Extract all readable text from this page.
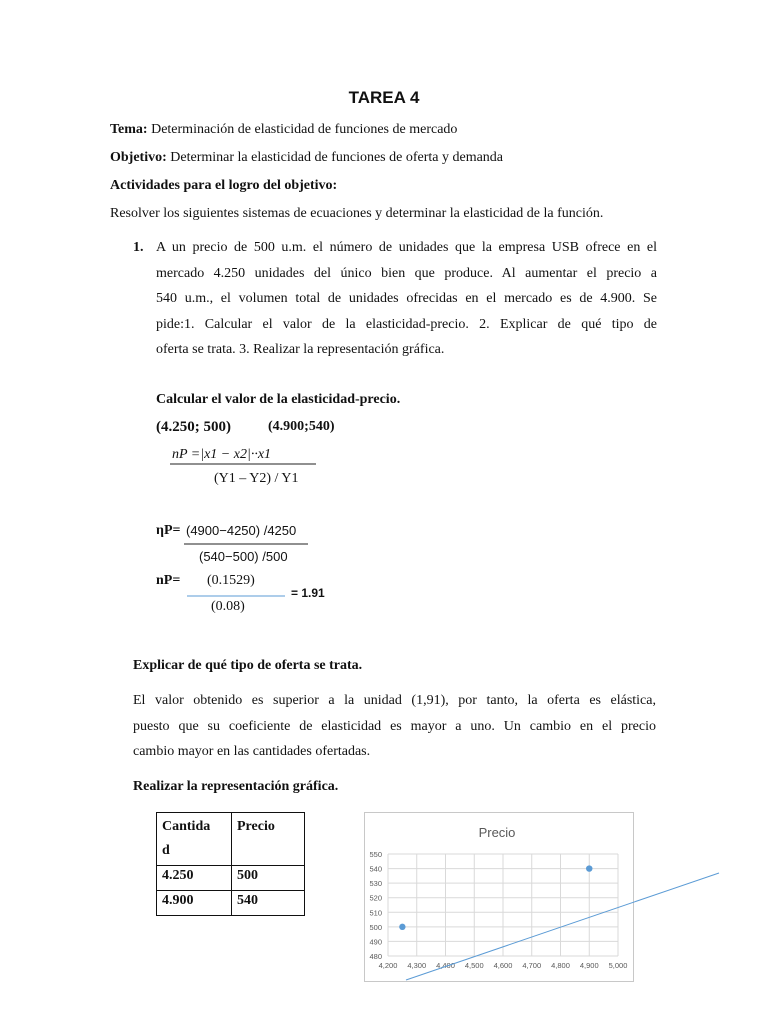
TAREA 4
Tema: Determinación de elasticidad de funciones de mercado
Objetivo: Determinar la elasticidad de funciones de oferta y demanda
Actividades para el logro del objetivo:
Resolver los siguientes sistemas de ecuaciones y determinar la elasticidad de la función.
1. A un precio de 500 u.m. el número de unidades que la empresa USB ofrece en el
mercado 4.250 unidades del único bien que produce. Al aumentar el precio a
540 u.m., el volumen total de unidades ofrecidas en el mercado es de 4.900. Se
pide:1. Calcular el valor de la elasticidad-precio. 2. Explicar de qué tipo de
oferta se trata. 3. Realizar la representación gráfica.
Calcular el valor de la elasticidad-precio.
(4.250; 500)	(4.900;540)
nP =|x1 − x2|∙∙x1
(Y1 – Y2) / Y1
ηP= (4900−4250) /4250
(540−500) /500
nP= (0.1529)
= 1.91
(0.08)
Explicar de qué tipo de oferta se trata.
El valor obtenido es superior a la unidad (1,91), por tanto, la oferta es elástica,
puesto que su coeficiente de elasticidad es mayor a uno. Un cambio en el precio
cambio mayor en las cantidades ofertadas.
Realizar la representación gráfica.
Cantida
d	Precio
4.250	500
4.900	540
Precio
480
490
500
510
520
530
540
550
4,200 4,300 4,400 4,500 4,600 4,700 4,800 4,900 5,000
